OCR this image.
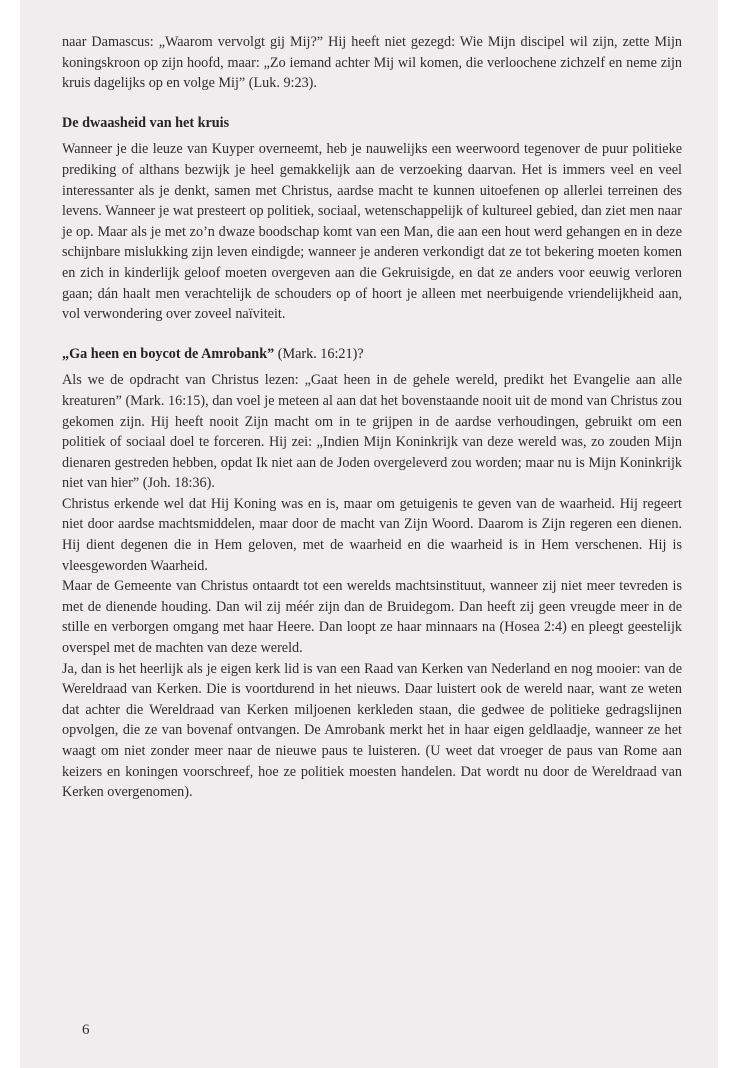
naar Damascus: „Waarom vervolgt gij Mij?” Hij heeft niet gezegd: Wie Mijn discipel wil zijn, zette Mijn koningskroon op zijn hoofd, maar: „Zo iemand achter Mij wil komen, die verloochene zichzelf en neme zijn kruis dagelijks op en volge Mij” (Luk. 9:23).

De dwaasheid van het kruis

Wanneer je die leuze van Kuyper overneemt, heb je nauwelijks een weerwoord tegenover de puur politieke prediking of althans bezwijk je heel gemakkelijk aan de verzoeking daarvan. Het is immers veel en veel interessanter als je denkt, samen met Christus, aardse macht te kunnen uitoefenen op allerlei terreinen des levens. Wanneer je wat presteert op politiek, sociaal, wetenschappelijk of kultureel gebied, dan ziet men naar je op. Maar als je met zo’n dwaze boodschap komt van een Man, die aan een hout werd gehangen en in deze schijnbare mislukking zijn leven eindigde; wanneer je anderen verkondigt dat ze tot bekering moeten komen en zich in kinderlijk geloof moeten overgeven aan die Gekruisigde, en dat ze anders voor eeuwig verloren gaan; dán haalt men verachtelijk de schouders op of hoort je alleen met neerbuigende vriendelijkheid aan, vol verwondering over zoveel naïviteit.

„Ga heen en boycot de Amrobank” (Mark. 16:21)?

Als we de opdracht van Christus lezen: „Gaat heen in de gehele wereld, predikt het Evangelie aan alle kreaturen” (Mark. 16:15), dan voel je meteen al aan dat het bovenstaande nooit uit de mond van Christus zou gekomen zijn. Hij heeft nooit Zijn macht om in te grijpen in de aardse verhoudingen, gebruikt om een politiek of sociaal doel te forceren. Hij zei: „Indien Mijn Koninkrijk van deze wereld was, zo zouden Mijn dienaren gestreden hebben, opdat Ik niet aan de Joden overgeleverd zou worden; maar nu is Mijn Koninkrijk niet van hier” (Joh. 18:36).

Christus erkende wel dat Hij Koning was en is, maar om getuigenis te geven van de waarheid. Hij regeert niet door aardse machtsmiddelen, maar door de macht van Zijn Woord. Daarom is Zijn regeren een dienen. Hij dient degenen die in Hem geloven, met de waarheid en die waarheid is in Hem verschenen. Hij is vleesgeworden Waarheid.

Maar de Gemeente van Christus ontaardt tot een werelds machtsinstituut, wanneer zij niet meer tevreden is met de dienende houding. Dan wil zij méér zijn dan de Bruidegom. Dan heeft zij geen vreugde meer in de stille en verborgen omgang met haar Heere. Dan loopt ze haar minnaars na (Hosea 2:4) en pleegt geestelijk overspel met de machten van deze wereld.

Ja, dan is het heerlijk als je eigen kerk lid is van een Raad van Kerken van Nederland en nog mooier: van de Wereldraad van Kerken. Die is voortdurend in het nieuws. Daar luistert ook de wereld naar, want ze weten dat achter die Wereldraad van Kerken miljoenen kerkleden staan, die gedwee de politieke gedragslijnen opvolgen, die ze van bovenaf ontvangen. De Amrobank merkt het in haar eigen geldlaadje, wanneer ze het waagt om niet zonder meer naar de nieuwe paus te luisteren. (U weet dat vroeger de paus van Rome aan keizers en koningen voorschreef, hoe ze politiek moesten handelen. Dat wordt nu door de Wereldraad van Kerken overgenomen).

6
